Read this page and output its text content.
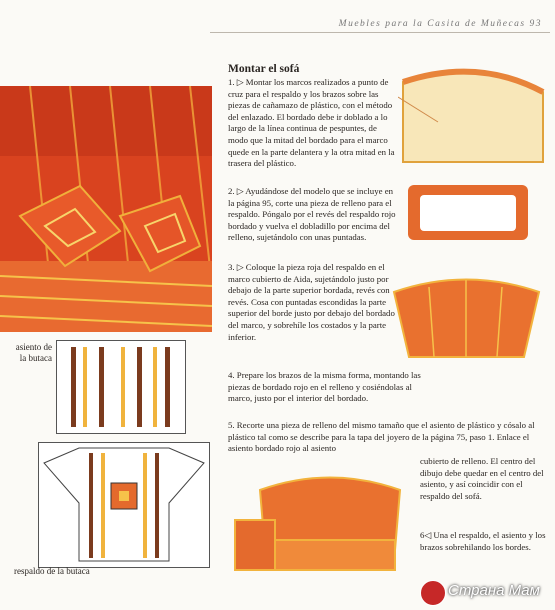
Muebles para la Casita de Muñecas 93
Montar el sofá
1. ▷ Montar los marcos realizados a punto de cruz para el respaldo y los brazos sobre las piezas de cañamazo de plástico, con el método del enlazado. El bordado debe ir doblado a lo largo de la línea continua de pespuntes, de modo que la mitad del bordado para el marco quede en la parte delantera y la otra mitad en la trasera del plástico.
2. ▷ Ayudándose del modelo que se incluye en la página 95, corte una pieza de relleno para el respaldo. Póngalo por el revés del respaldo rojo bordado y vuelva el dobladillo por encima del relleno, sujetándolo con unas puntadas.
3. ▷ Coloque la pieza roja del respaldo en el marco cubierto de Aida, sujetándolo justo por debajo de la parte superior bordada, revés con revés. Cosa con puntadas escondidas la parte superior del borde justo por debajo del bordado del marco, y sobrehíle los costados y la parte inferior.
4. Prepare los brazos de la misma forma, montando las piezas de bordado rojo en el relleno y cosiéndolas al marco, justo por el interior del bordado.
5. Recorte una pieza de relleno del mismo tamaño que el asiento de plástico y cósalo al plástico tal como se describe para la tapa del joyero de la página 75, paso 1. Enlace el asiento bordado rojo al asiento
cubierto de relleno. El centro del dibujo debe quedar en el centro del asiento, y así coincidir con el respaldo del sofá.
6◁ Una el respaldo, el asiento y los brazos sobrehilando los bordes.
asiento de la butaca
respaldo de la butaca
Страна Мам
